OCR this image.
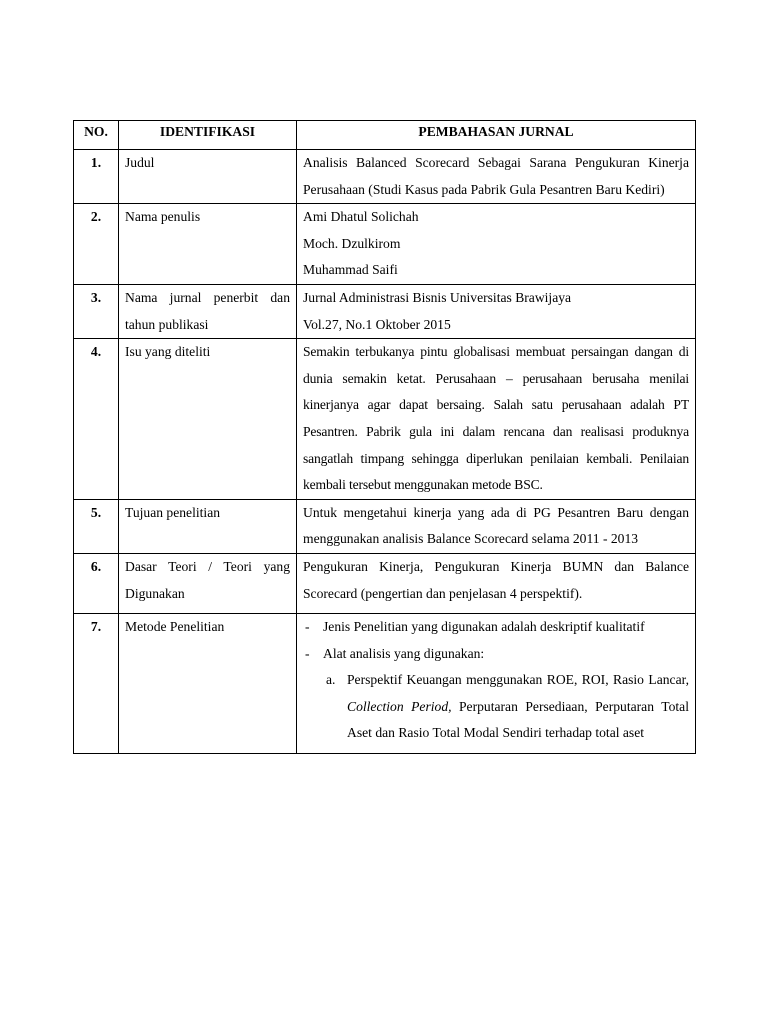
NO.	IDENTIFIKASI	PEMBAHASAN JURNAL
1.	Judul	Analisis Balanced Scorecard Sebagai Sarana Pengukuran Kinerja Perusahaan (Studi Kasus pada Pabrik Gula Pesantren Baru Kediri)
2.	Nama penulis	Ami Dhatul Solichah
Moch. Dzulkirom
Muhammad Saifi

3.	Nama jurnal penerbit dan tahun publikasi	Jurnal Administrasi Bisnis Universitas Brawijaya
Vol.27, No.1 Oktober 2015

4.	Isu yang diteliti	Semakin terbukanya pintu globalisasi membuat persaingan dangan di dunia semakin ketat. Perusahaan – perusahaan berusaha menilai kinerjanya agar dapat bersaing. Salah satu perusahaan adalah PT Pesantren. Pabrik gula ini dalam rencana dan realisasi produknya sangatlah timpang sehingga diperlukan penilaian kembali. Penilaian kembali tersebut menggunakan metode BSC.
5.	Tujuan penelitian	Untuk mengetahui kinerja yang ada di PG Pesantren Baru dengan menggunakan analisis Balance Scorecard selama 2011 - 2013
6.	Dasar Teori / Teori yang Digunakan	Pengukuran Kinerja, Pengukuran Kinerja BUMN dan Balance Scorecard (pengertian dan penjelasan 4 perspektif).
7.	Metode Penelitian	- Jenis Penelitian yang digunakan adalah deskriptif kualitatif
- Alat analisis yang digunakan:
a. Perspektif Keuangan menggunakan ROE, ROI, Rasio Lancar, Collection Period, Perputaran Persediaan, Perputaran Total Aset dan Rasio Total Modal Sendiri terhadap total aset
